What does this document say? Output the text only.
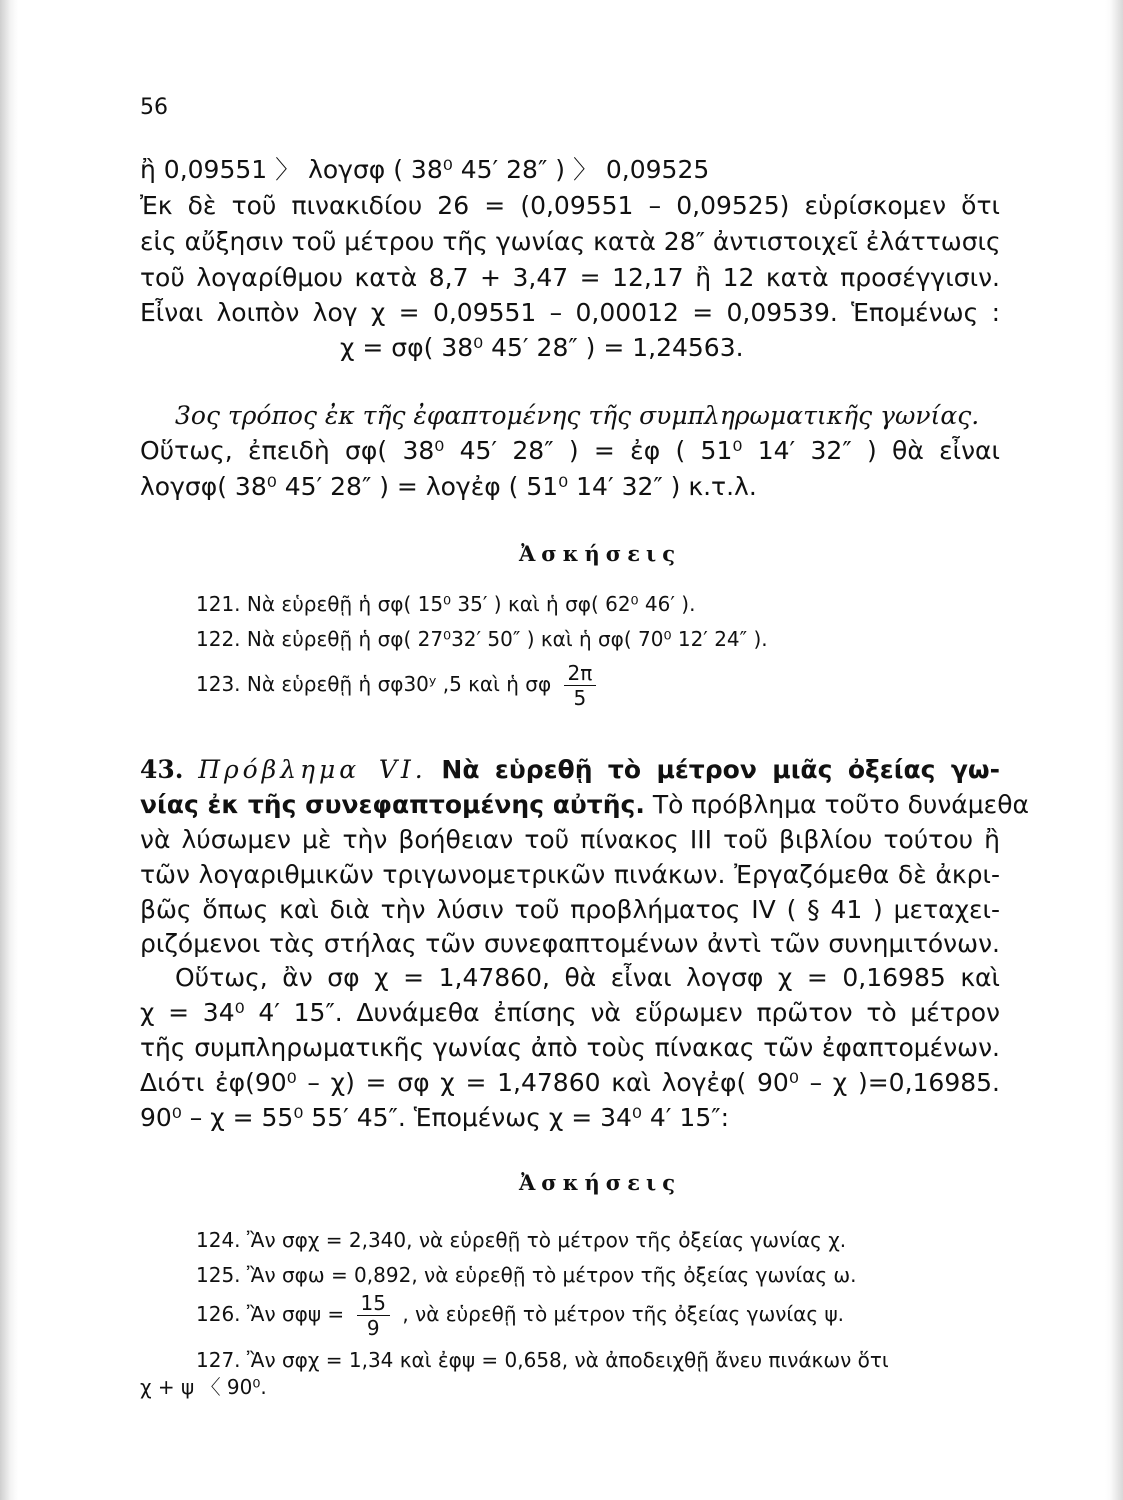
56
ἢ 0,09551 〉 λογσφ ( 38⁰ 45′ 28″ ) 〉 0,09525
Ἐκ δὲ τοῦ πινακιδίου 26 = (0,09551 – 0,09525) εὑρίσκομεν ὅτι
εἰς αὔξησιν τοῦ μέτρου τῆς γωνίας κατὰ 28″ ἀντιστοιχεῖ ἐλάττωσις
τοῦ λογαρίθμου κατὰ 8,7 + 3,47 = 12,17 ἢ 12 κατὰ προσέγγισιν.
Εἶναι λοιπὸν λογ χ = 0,09551 – 0,00012 = 0,09539. Ἑπομένως :
χ = σφ( 38⁰ 45′ 28″ ) = 1,24563.
3ος τρόπος ἐκ τῆς ἐφαπτομένης τῆς συμπληρωματικῆς γωνίας.
Οὕτως, ἐπειδὴ σφ( 38⁰ 45′ 28″ ) = ἐφ ( 51⁰ 14′ 32″ ) θὰ εἶναι
λογσφ( 38⁰ 45′ 28″ ) = λογἐφ ( 51⁰ 14′ 32″ ) κ.τ.λ.
Ἀσκήσεις
121. Νὰ εὑρεθῇ ἡ σφ( 15⁰ 35′ ) καὶ ἡ σφ( 62⁰ 46′ ).
122. Νὰ εὑρεθῇ ἡ σφ( 27⁰32′ 50″ ) καὶ ἡ σφ( 70⁰ 12′ 24″ ).
123. Νὰ εὑρεθῇ ἡ σφ30ʸ ,5 καὶ ἡ σφ $\frac{2\pi}{5}$
43. Πρόβλημα VI. Νὰ εὑρεθῇ τὸ μέτρον μιᾶς ὀξείας γω-
νίας ἐκ τῆς συνεφαπτομένης αὐτῆς. Τὸ πρόβλημα τοῦτο δυνάμεθα
νὰ λύσωμεν μὲ τὴν βοήθειαν τοῦ πίνακος ΙΙΙ τοῦ βιβλίου τούτου ἢ
τῶν λογαριθμικῶν τριγωνομετρικῶν πινάκων. Ἐργαζόμεθα δὲ ἀκρι-
βῶς ὅπως καὶ διὰ τὴν λύσιν τοῦ προβλήματος IV ( § 41 ) μεταχει-
ριζόμενοι τὰς στήλας τῶν συνεφαπτομένων ἀντὶ τῶν συνημιτόνων.
Οὕτως, ἂν σφ χ = 1,47860, θὰ εἶναι λογσφ χ = 0,16985 καὶ
χ = 34⁰ 4′ 15″. Δυνάμεθα ἐπίσης νὰ εὕρωμεν πρῶτον τὸ μέτρον
τῆς συμπληρωματικῆς γωνίας ἀπὸ τοὺς πίνακας τῶν ἐφαπτομένων.
Διότι ἐφ(90⁰ – χ) = σφ χ = 1,47860 καὶ λογἐφ( 90⁰ – χ )=0,16985.
90⁰ – χ = 55⁰ 55′ 45″. Ἑπομένως χ = 34⁰ 4′ 15″:
Ἀσκήσεις
124. Ἂν σφχ = 2,340, νὰ εὑρεθῇ τὸ μέτρον τῆς ὀξείας γωνίας χ.
125. Ἂν σφω = 0,892, νὰ εὑρεθῇ τὸ μέτρον τῆς ὀξείας γωνίας ω.
126. Ἂν $\sigma\varphi\psi = \frac{15}{9}$ , νὰ εὑρεθῇ τὸ μέτρον τῆς ὀξείας γωνίας ψ.
127. Ἂν σφχ = 1,34 καὶ ἐφψ = 0,658, νὰ ἀποδειχθῇ ἄνευ πινάκων ὅτι
χ + ψ 〈 90⁰.
